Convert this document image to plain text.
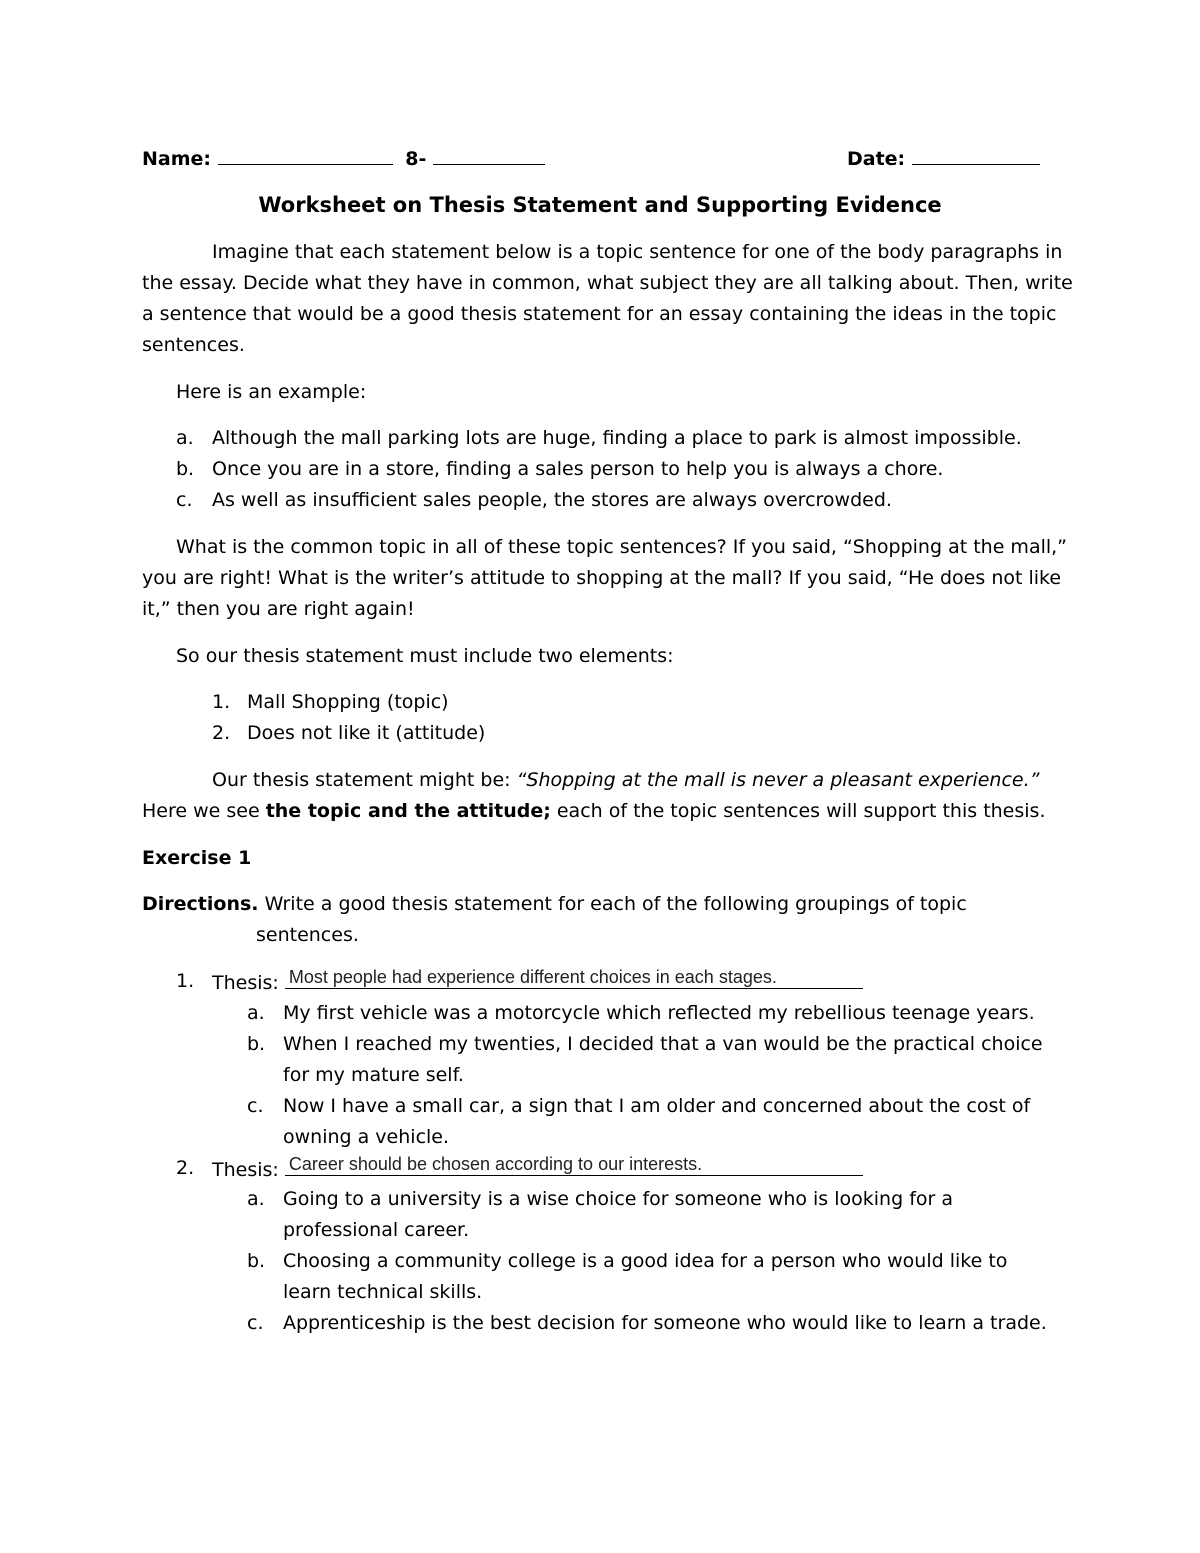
Name:	8-	Date:
Worksheet on Thesis Statement and Supporting Evidence
Imagine that each statement below is a topic sentence for one of the body paragraphs in
the essay. Decide what they have in common, what subject they are all talking about. Then, write
a sentence that would be a good thesis statement for an essay containing the ideas in the topic
sentences.
Here is an example:
a. Although the mall parking lots are huge, finding a place to park is almost impossible.
b. Once you are in a store, finding a sales person to help you is always a chore.
c. As well as insufficient sales people, the stores are always overcrowded.
What is the common topic in all of these topic sentences? If you said, “Shopping at the mall,”
you are right! What is the writer’s attitude to shopping at the mall? If you said, “He does not like
it,” then you are right again!
So our thesis statement must include two elements:
1. Mall Shopping (topic)
2. Does not like it (attitude)
Our thesis statement might be: “Shopping at the mall is never a pleasant experience.”
Here we see the topic and the attitude; each of the topic sentences will support this thesis.
Exercise 1
Directions. Write a good thesis statement for each of the following groupings of topic
sentences.
1. Thesis: Most people had experience different choices in each stages.
a. My first vehicle was a motorcycle which reflected my rebellious teenage years.
b. When I reached my twenties, I decided that a van would be the practical choice
for my mature self.
c. Now I have a small car, a sign that I am older and concerned about the cost of
owning a vehicle.
2. Thesis: Career should be chosen according to our interests.
a. Going to a university is a wise choice for someone who is looking for a
professional career.
b. Choosing a community college is a good idea for a person who would like to
learn technical skills.
c. Apprenticeship is the best decision for someone who would like to learn a trade.
